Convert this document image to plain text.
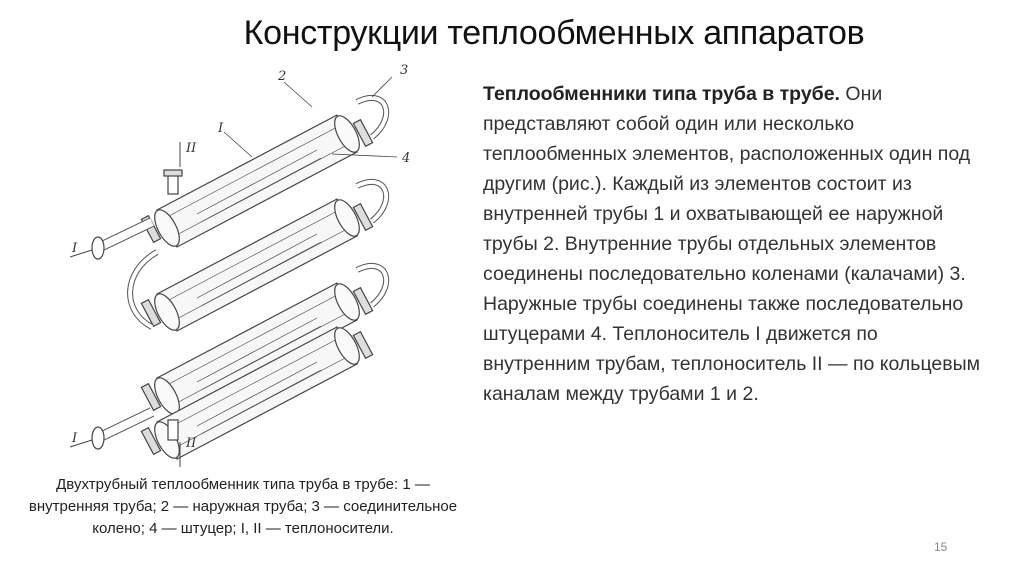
Конструкции теплообменных аппаратов
2
I
3
4
II
I
I	II
Двухтрубный теплообменник типа труба в трубе: 1 — внутренняя труба; 2 — наружная труба; 3 — соединительное колено; 4 — штуцер; I, II — теплоносители.
Теплообменники типа труба в трубе. Они представляют собой один или несколько теплообменных элементов, расположенных один под другим (рис.). Каждый из элементов состоит из внутренней трубы 1 и охватывающей ее наружной трубы 2. Внутренние трубы отдельных элементов соединены последовательно коленами (калачами) 3. Наружные трубы соединены также последовательно штуцерами 4. Теплоноситель I движется по внутренним трубам, теплоноситель II — по кольцевым каналам между трубами 1 и 2.
15
